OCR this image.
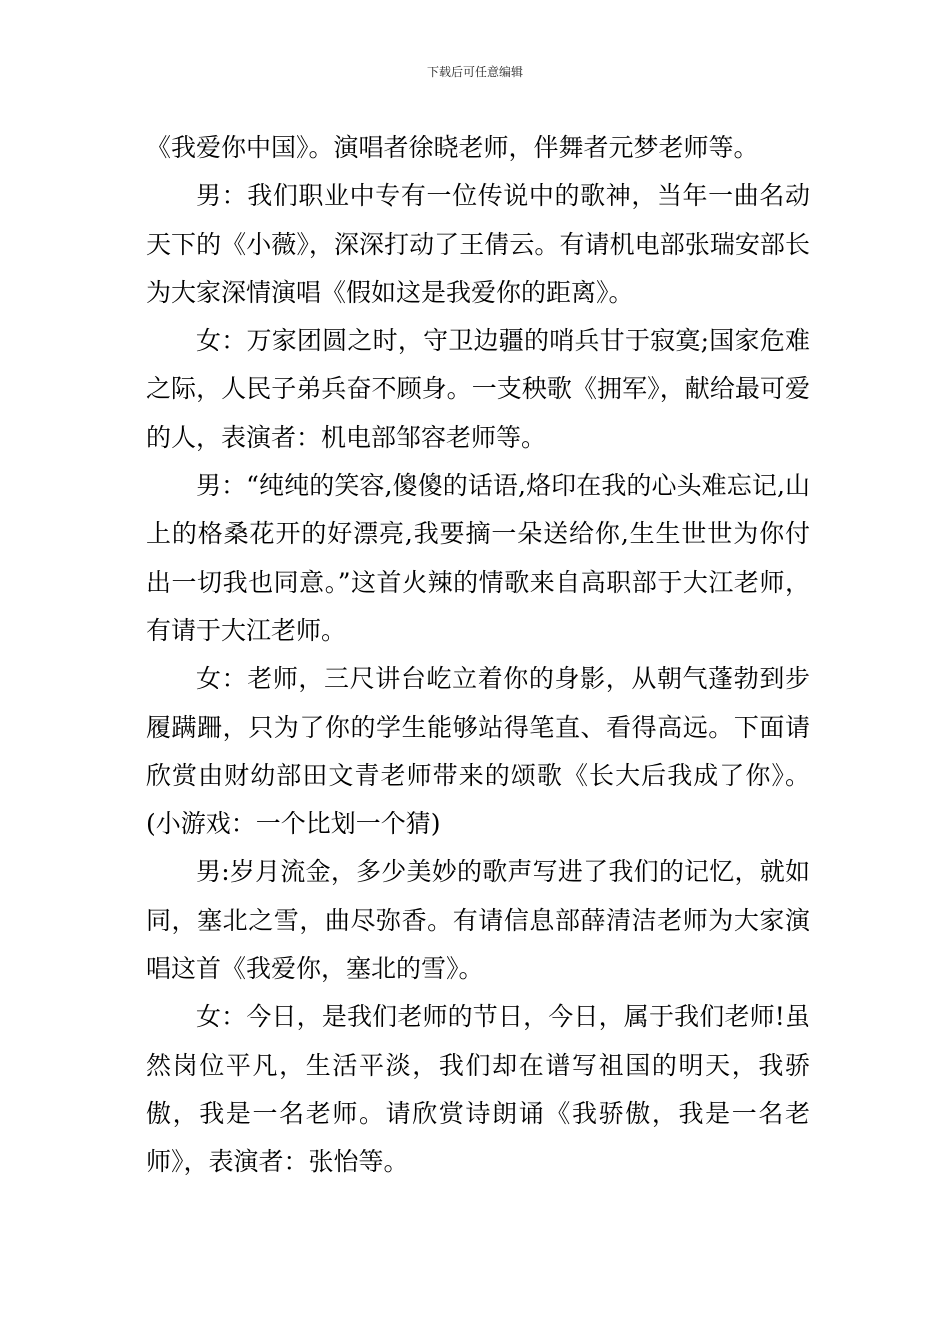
下载后可任意编辑

《我爱你中国》。演唱者徐晓老师，伴舞者元梦老师等。

男：我们职业中专有一位传说中的歌神，当年一曲名动天下的《小薇》，深深打动了王倩云。有请机电部张瑞安部长为大家深情演唱《假如这是我爱你的距离》。

女：万家团圆之时，守卫边疆的哨兵甘于寂寞;国家危难之际，人民子弟兵奋不顾身。一支秧歌《拥军》，献给最可爱的人，表演者：机电部邹容老师等。

男：“纯纯的笑容,傻傻的话语,烙印在我的心头难忘记,山上的格桑花开的好漂亮,我要摘一朵送给你,生生世世为你付出一切我也同意。”这首火辣的情歌来自高职部于大江老师，有请于大江老师。

女：老师，三尺讲台屹立着你的身影，从朝气蓬勃到步履蹒跚，只为了你的学生能够站得笔直、看得高远。下面请欣赏由财幼部田文青老师带来的颂歌《长大后我成了你》。(小游戏：一个比划一个猜)

男:岁月流金，多少美妙的歌声写进了我们的记忆，就如同，塞北之雪，曲尽弥香。有请信息部薛清洁老师为大家演唱这首《我爱你，塞北的雪》。

女：今日，是我们老师的节日，今日，属于我们老师!虽然岗位平凡，生活平淡，我们却在谱写祖国的明天，我骄傲，我是一名老师。请欣赏诗朗诵《我骄傲，我是一名老师》，表演者：张怡等。
